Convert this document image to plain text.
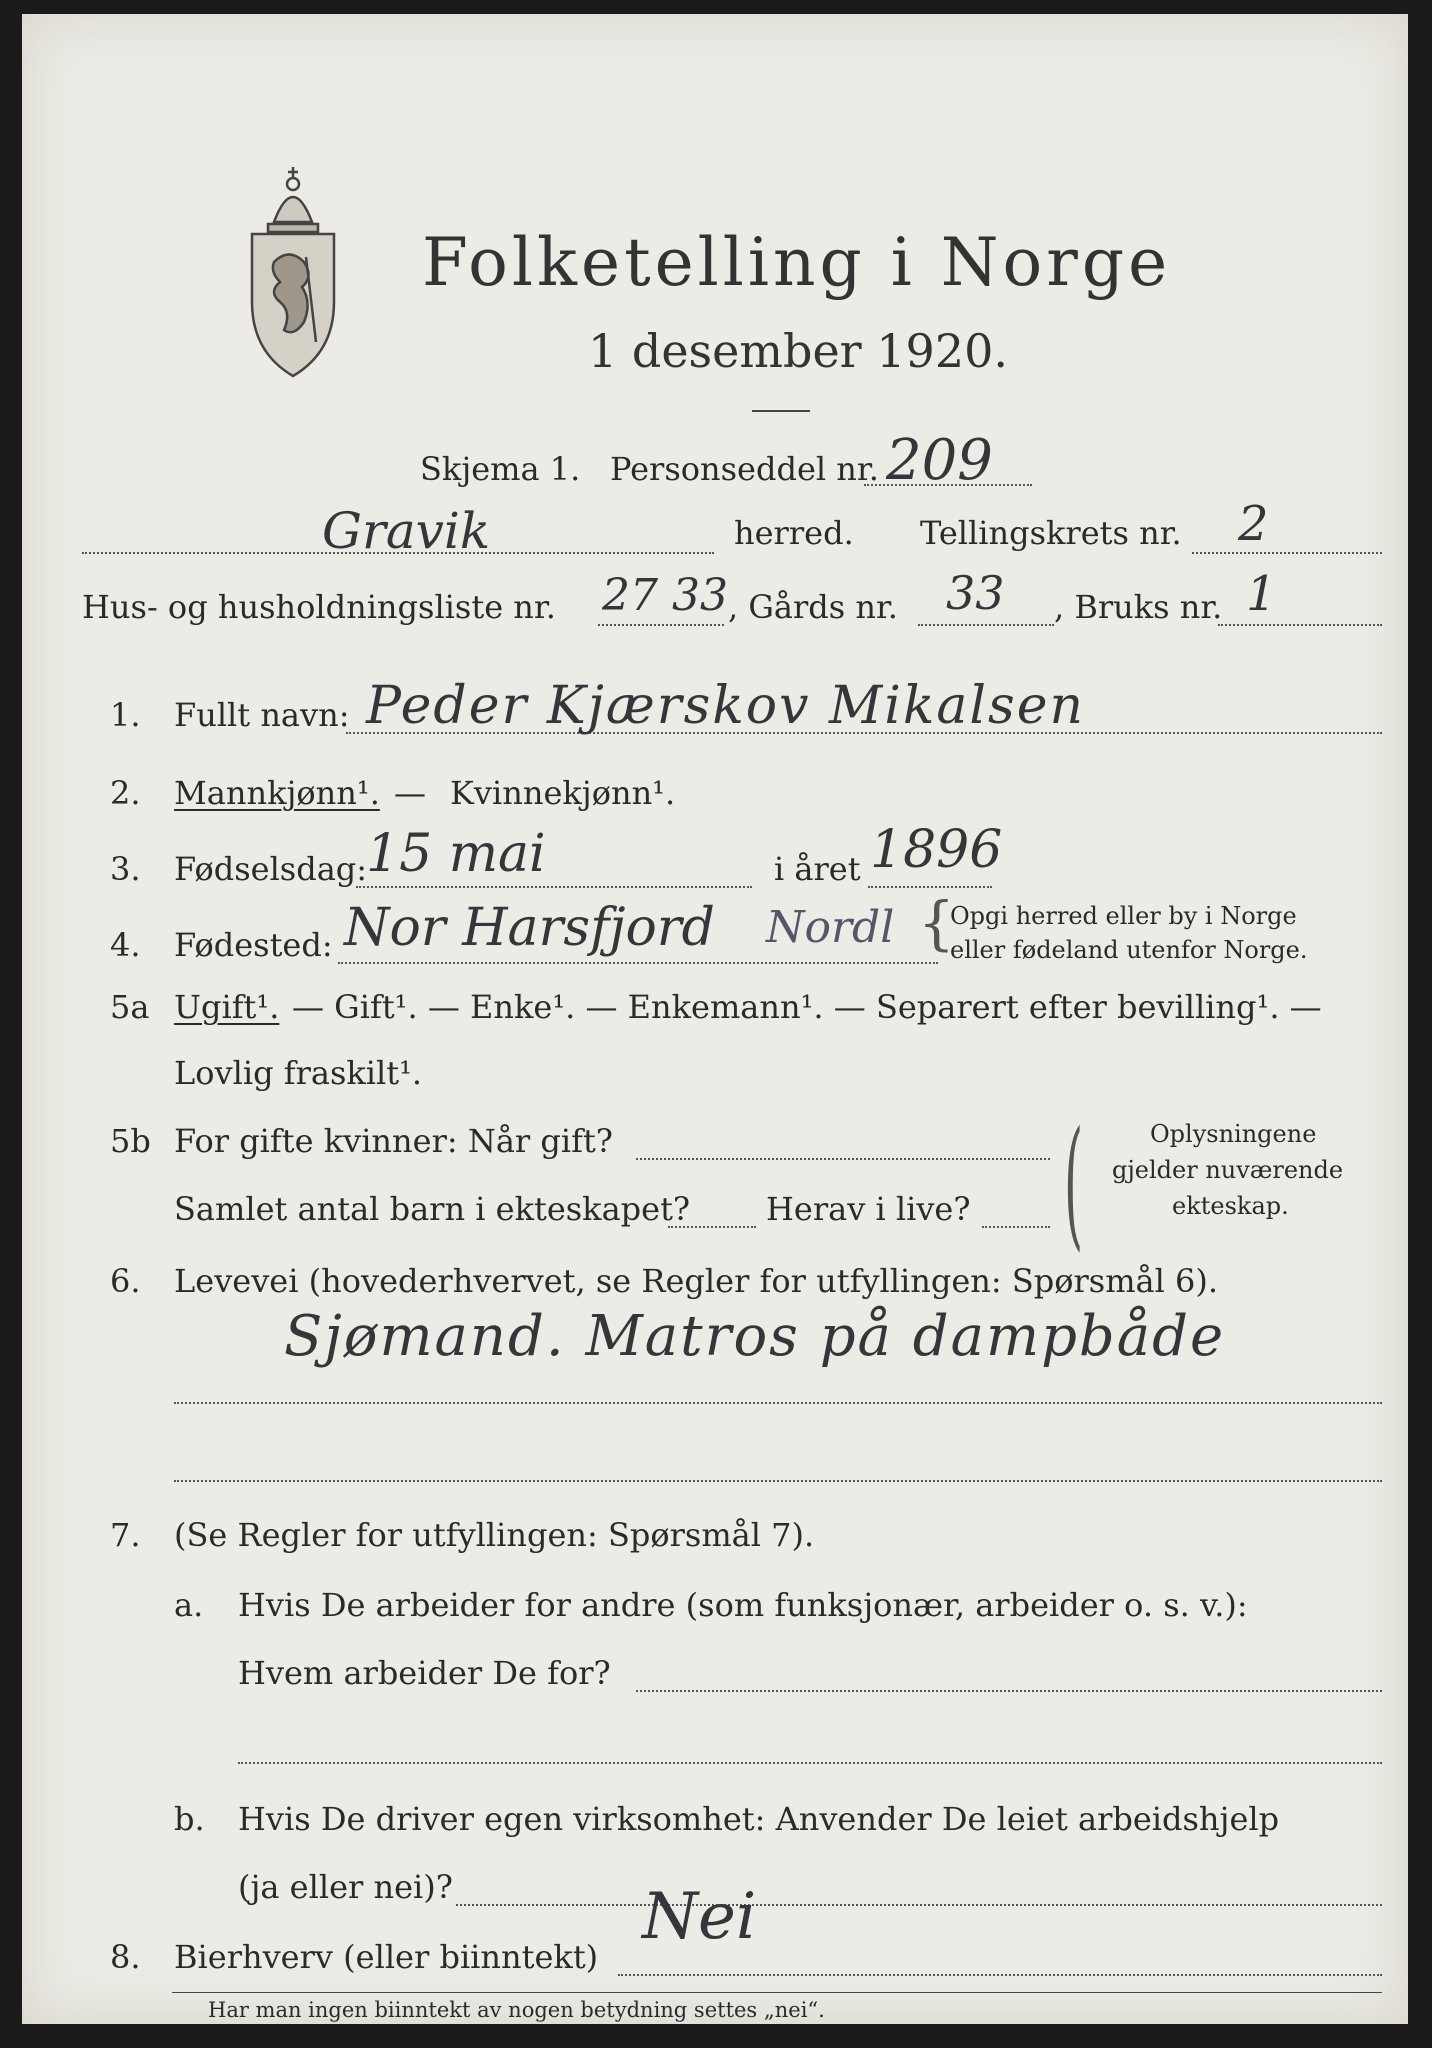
Folketelling i Norge
1 desember 1920.
Skjema 1. Personseddel nr. 209
Gravik	herred. Tellingskrets nr. 2
Hus- og husholdningsliste nr. 27 33 , Gårds nr. 33 , Bruks nr. 1
1. Fullt navn: Peder Kjærskov Mikalsen
2. Mannkjønn¹. — Kvinnekjønn¹.
3. Fødselsdag:
15 mai	i året 1896
4. Fødested: Nor Harsfjord Nordl {
Opgi herred eller by i Norge
eller fødeland utenfor Norge.
5a Ugift¹. — Gift¹. — Enke¹. — Enkemann¹. — Separert efter bevilling¹. —
Lovlig fraskilt¹.
5b For gifte kvinner: Når gift?
Samlet antal barn i ekteskapet? Herav i live? (	Oplysningene
gjelder nuværende
ekteskap.
6. Levevei (hovederhvervet, se Regler for utfyllingen: Spørsmål 6).
Sjømand. Matros på dampbåde
7. (Se Regler for utfyllingen: Spørsmål 7).
a. Hvis De arbeider for andre (som funksjonær, arbeider o. s. v.):
Hvem arbeider De for?
b. Hvis De driver egen virksomhet: Anvender De leiet arbeidshjelp
(ja eller nei)?
8. Bierhverv (eller biinntekt)
Nei
Har man ingen biinntekt av nogen betydning settes „nei“.
